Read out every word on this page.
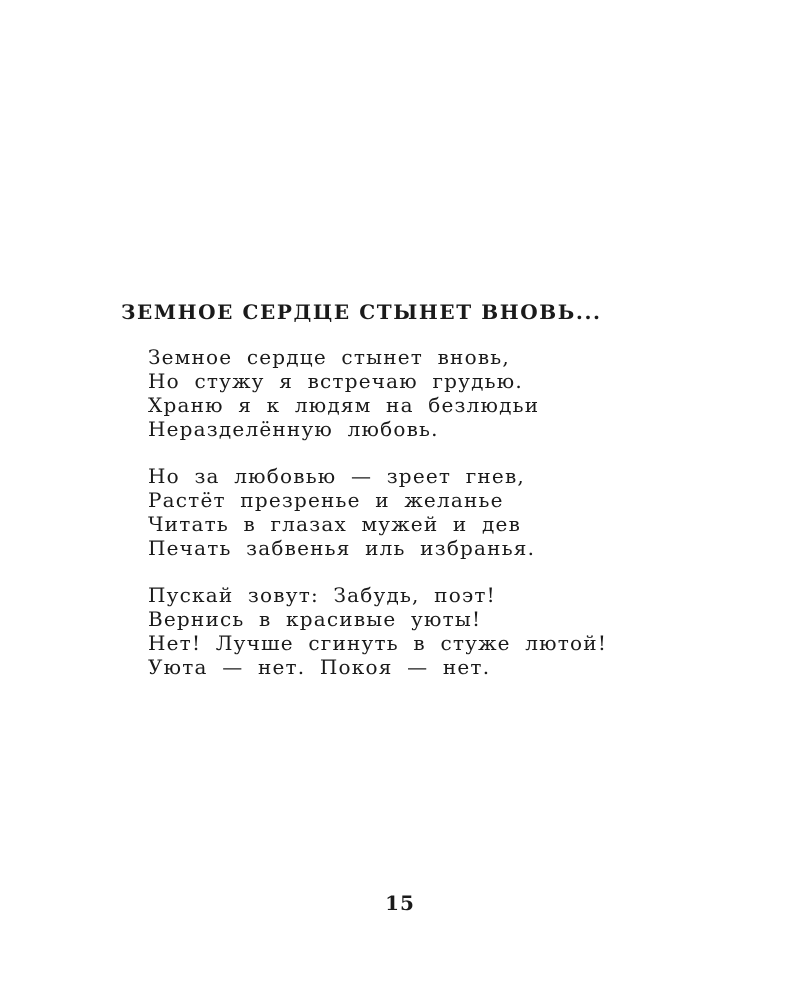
ЗЕМНОЕ СЕРДЦЕ СТЫНЕТ ВНОВЬ...
Земное сердце стынет вновь,
Но стужу я встречаю грудью.
Храню я к людям на безлюдьи
Неразделённую любовь.
Но за любовью — зреет гнев,
Растёт презренье и желанье
Читать в глазах мужей и дев
Печать забвенья иль избранья.
Пускай зовут: Забудь, поэт!
Вернись в красивые уюты!
Нет! Лучше сгинуть в стуже лютой!
Уюта — нет. Покоя — нет.
15
